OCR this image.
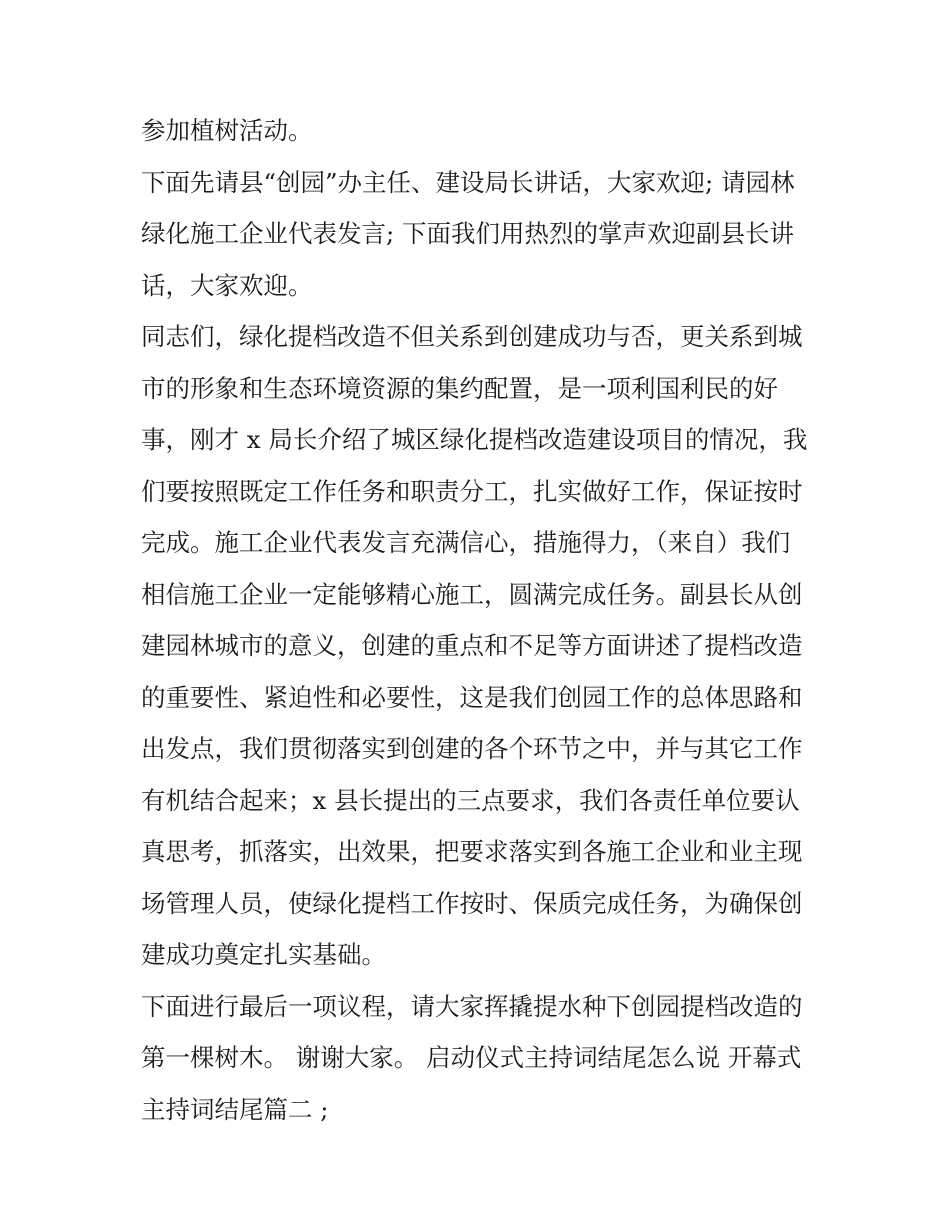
参加植树活动。
下面先请县“创园”办主任、建设局长讲话，大家欢迎; 请园林
绿化施工企业代表发言; 下面我们用热烈的掌声欢迎副县长讲
话，大家欢迎。
同志们，绿化提档改造不但关系到创建成功与否，更关系到城
市的形象和生态环境资源的集约配置，是一项利国利民的好
事，刚才 x 局长介绍了城区绿化提档改造建设项目的情况，我
们要按照既定工作任务和职责分工，扎实做好工作，保证按时
完成。施工企业代表发言充满信心，措施得力，（来自）我们
相信施工企业一定能够精心施工，圆满完成任务。副县长从创
建园林城市的意义，创建的重点和不足等方面讲述了提档改造
的重要性、紧迫性和必要性，这是我们创园工作的总体思路和
出发点，我们贯彻落实到创建的各个环节之中，并与其它工作
有机结合起来；x 县长提出的三点要求，我们各责任单位要认
真思考，抓落实，出效果，把要求落实到各施工企业和业主现
场管理人员，使绿化提档工作按时、保质完成任务，为确保创
建成功奠定扎实基础。
下面进行最后一项议程，请大家挥撬提水种下创园提档改造的
第一棵树木。 谢谢大家。 启动仪式主持词结尾怎么说 开幕式
主持词结尾篇二 ;
